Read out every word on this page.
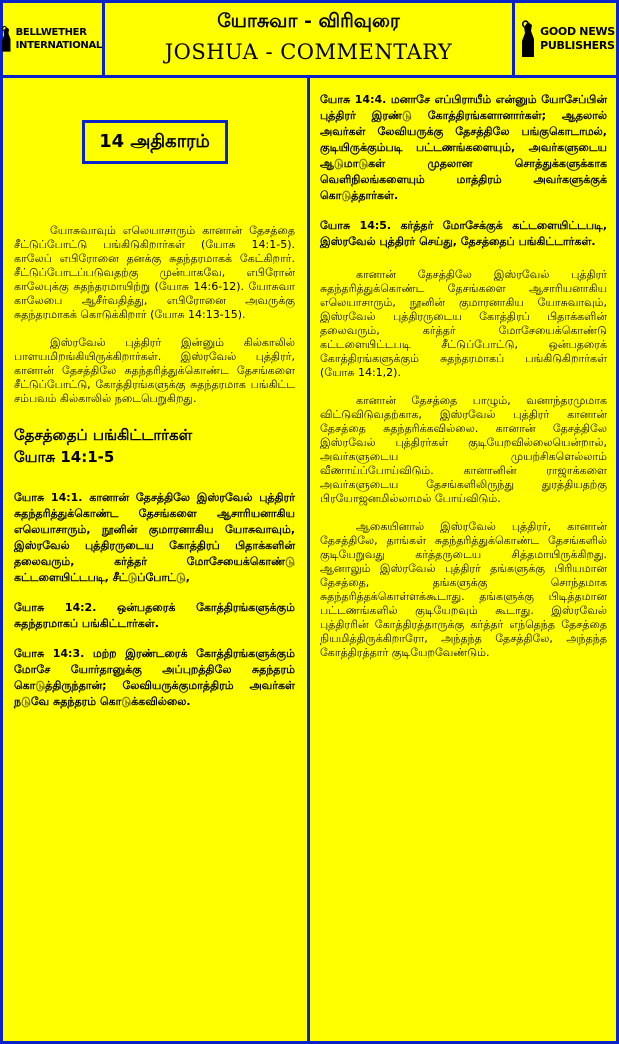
BELLWETHER
INTERNATIONAL
யோசுவா - விரிவுரை
JOSHUA - COMMENTARY
GOOD NEWS
PUBLISHERS
14 அதிகாரம்

யோசுவாவும் எலெயாசாரும் கானான் தேசத்தை சீட்டுப்போட்டு பங்கிடுகிறார்கள் (யோசு 14:1-5). காலேப் எபிரோனை தனக்கு சுதந்தரமாகக் கேட்கிறார். சீட்டுப்போடப்படுவதற்கு முன்பாகவே, எபிரோன் காலேபுக்கு சுதந்தரமாயிற்று (யோசு 14:6-12). யோசுவா காலேபை ஆசீர்வதித்து, எபிரோனை அவருக்கு சுதந்தரமாகக் கொடுக்கிறார் (யோசு 14:13-15).

இஸ்ரவேல் புத்திரர் இன்னும் கில்காலில் பாளயமிறங்கியிருக்கிறார்கள். இஸ்ரவேல் புத்திரர், கானான் தேசத்திலே சுதந்தரித்துக்கொண்ட தேசங்களை சீட்டுப்போட்டு, கோத்திரங்களுக்கு சுதந்தரமாக பங்கிட்ட சம்பவம் கில்காலில் நடைபெறுகிறது.

தேசத்தைப் பங்கிட்டார்கள்

யோசு 14:1-5

யோசு 14:1. கானான் தேசத்திலே இஸ்ரவேல் புத்திரர் சுதந்தரித்துக்கொண்ட தேசங்களை ஆசாரியனாகிய எலெயாசாரும், நூனின் குமாரனாகிய யோசுவாவும், இஸ்ரவேல் புத்திரருடைய கோத்திரப் பிதாக்களின் தலைவரும், கர்த்தர் மோசேயைக்கொண்டு கட்டளையிட்டபடி, சீட்டுப்போட்டு,

யோசு 14:2. ஒன்பதரைக் கோத்திரங்களுக்கும் சுதந்தரமாகப் பங்கிட்டார்கள்.

யோசு 14:3. மற்ற இரண்டரைக் கோத்திரங்களுக்கும் மோசே யோர்தானுக்கு அப்புறத்திலே சுதந்தரம் கொடுத்திருந்தான்; லேவியருக்குமாத்திரம் அவர்கள் நடுவே சுதந்தரம் கொடுக்கவில்லை.

யோசு 14:4. மனாசே எப்பிராயீம் என்னும் யோசேப்பின் புத்திரர் இரண்டு கோத்திரங்களானார்கள்; ஆதலால் அவர்கள் லேவியருக்கு தேசத்திலே பங்குகொடாமல், குடியிருக்கும்படி பட்டணங்களையும், அவர்களுடைய ஆடுமாடுகள் முதலான சொத்துக்களுக்காக வெளிநிலங்களையும் மாத்திரம் அவர்களுக்குக் கொடுத்தார்கள்.

யோசு 14:5. கர்த்தர் மோசேக்குக் கட்டளையிட்டபடி, இஸ்ரவேல் புத்திரர் செய்து, தேசத்தைப் பங்கிட்டார்கள்.

கானான் தேசத்திலே இஸ்ரவேல் புத்திரர் சுதந்தரித்துக்கொண்ட தேசங்களை ஆசாரியனாகிய எலெயாசாரும், நூனின் குமாரனாகிய யோசுவாவும், இஸ்ரவேல் புத்திரருடைய கோத்திரப் பிதாக்களின் தலைவரும், கர்த்தர் மோசேயைக்கொண்டு கட்டளையிட்டபடி சீட்டுப்போட்டு, ஒன்பதரைக் கோத்திரங்களுக்கும் சுதந்தரமாகப் பங்கிடுகிறார்கள் (யோசு 14:1,2).

கானான் தேசத்தை பாழும், வனாந்தரமுமாக விட்டுவிடுவதற்காக, இஸ்ரவேல் புத்திரர் கானான் தேசத்தை சுதந்தரிக்கவில்லை. கானான் தேசத்திலே இஸ்ரவேல் புத்திரர்கள் குடியேறவில்லையென்றால், அவர்களுடைய முயற்சிகளெல்லாம் வீணாய்ப்போய்விடும். கானானின் ராஜாக்களை அவர்களுடைய தேசங்களிலிருந்து துரத்தியதற்கு பிரயோஜனமில்லாமல் போய்விடும்.

ஆகையினால் இஸ்ரவேல் புத்திரர், கானான் தேசத்திலே, தாங்கள் சுதந்தரித்துக்கொண்ட தேசங்களில் குடியேறுவது கர்த்தருடைய சித்தமாயிருக்கிறது. ஆனாலும் இஸ்ரவேல் புத்திரர் தங்களுக்கு பிரியமான தேசத்தை, தங்களுக்கு சொந்தமாக சுதந்தரித்தக்கொள்ளக்கூடாது. தங்களுக்கு பிடித்தமான பட்டணங்களில் குடியேறவும் கூடாது. இஸ்ரவேல் புத்திரரின் கோத்திரத்தாருக்கு கர்த்தர் எந்தெந்த தேசத்தை நியமித்திருக்கிறாரோ, அந்தந்த தேசத்திலே, அந்தந்த கோத்திரத்தார் குடியேறவேண்டும்.
